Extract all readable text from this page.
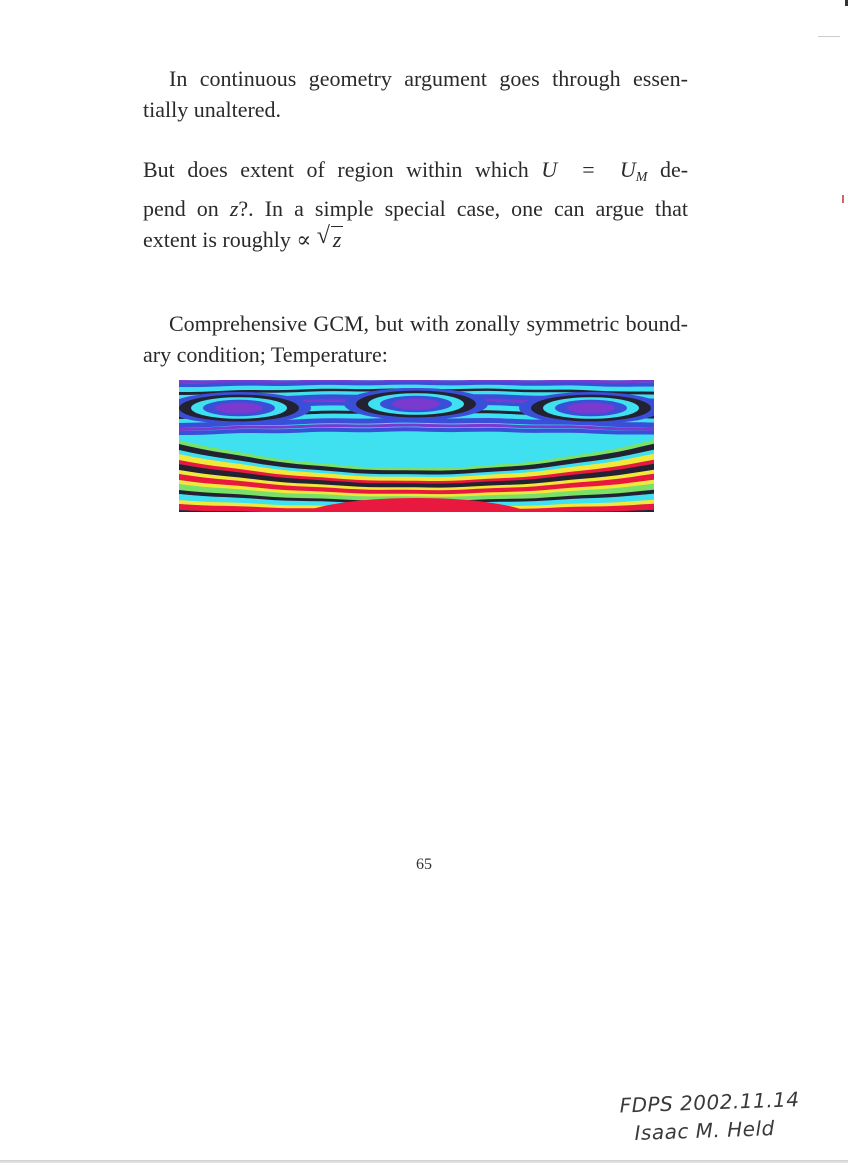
In continuous geometry argument goes through essen-
tially unaltered.
But does extent of region within which $U = U_M$ de-
pend on z?. In a simple special case, one can argue that
extent is roughly ∝ √ z
Comprehensive GCM, but with zonally symmetric bound-
ary condition; Temperature:
65
FDPS 2002.11.14
Isaac M. Held
